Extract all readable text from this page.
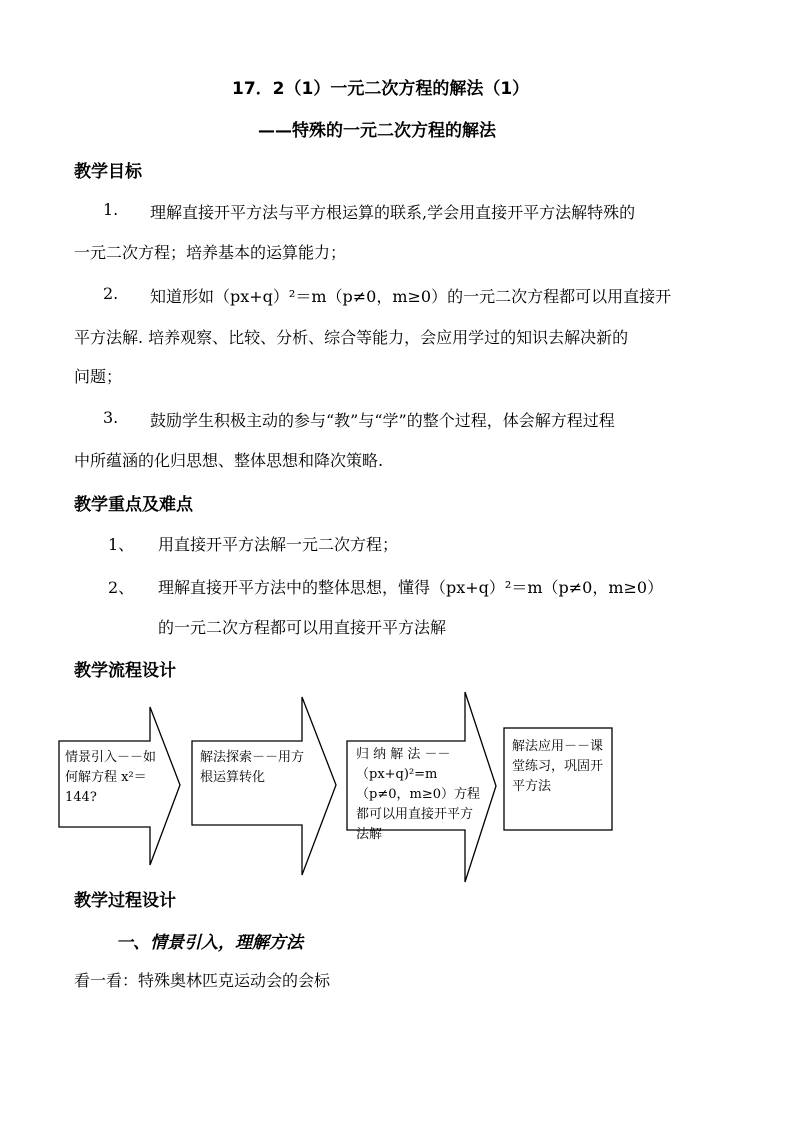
17．2（1）一元二次方程的解法（1）
——特殊的一元二次方程的解法
教学目标
1. 理解直接开平方法与平方根运算的联系,学会用直接开平方法解特殊的
一元二次方程；培养基本的运算能力；
2. 知道形如（px+q）²＝m（p≠0，m≥0）的一元二次方程都可以用直接开
平方法解. 培养观察、比较、分析、综合等能力，会应用学过的知识去解决新的
问题；
3. 鼓励学生积极主动的参与“教”与“学”的整个过程，体会解方程过程
中所蕴涵的化归思想、整体思想和降次策略.
教学重点及难点
1、 用直接开平方法解一元二次方程；
2、 理解直接开平方法中的整体思想，懂得（px+q）²＝m（p≠0，m≥0）
的一元二次方程都可以用直接开平方法解
教学流程设计
情景引入－－如何解方程 x²＝144?
解法探索－－用方根运算转化
归 纳 解 法 －－（px+q)²=m（p≠0，m≥0）方程都可以用直接开平方法解
解法应用－－课堂练习，巩固开平方法
教学过程设计
一、情景引入，理解方法
看一看：特殊奥林匹克运动会的会标
